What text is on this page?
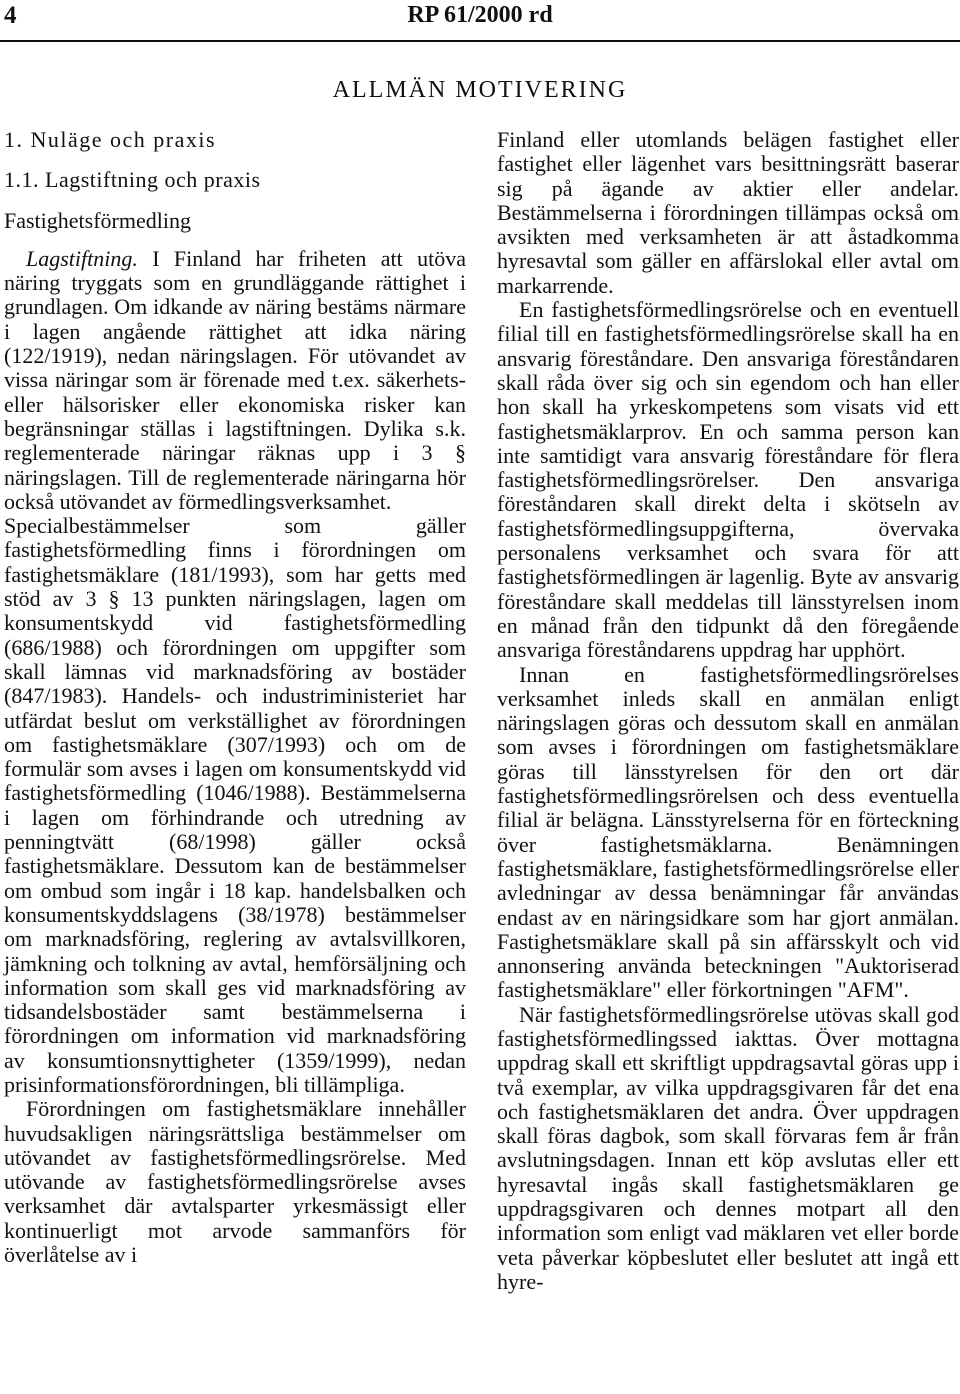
4	RP 61/2000 rd
ALLMÄN MOTIVERING
1. Nuläge och praxis
1.1. Lagstiftning och praxis
Fastighetsförmedling

Lagstiftning. I Finland har friheten att utöva näring tryggats som en grundläggande rättighet i grundlagen. Om idkande av näring bestäms närmare i lagen angående rättighet att idka näring (122/1919), nedan näringslagen. För utövandet av vissa näringar som är förenade med t.ex. säkerhets- eller hälsorisker eller ekonomiska risker kan begränsningar ställas i lagstiftningen. Dylika s.k. reglementerade näringar räknas upp i 3 § näringslagen. Till de reglementerade näringarna hör också utövandet av förmedlingsverksamhet.

Specialbestämmelser som gäller fastighetsförmedling finns i förordningen om fastighetsmäklare (181/1993), som har getts med stöd av 3 § 13 punkten näringslagen, lagen om konsumentskydd vid fastighetsförmedling (686/1988) och förordningen om uppgifter som skall lämnas vid marknadsföring av bostäder (847/1983). Handels- och industriministeriet har utfärdat beslut om verkställighet av förordningen om fastighetsmäklare (307/1993) och om de formulär som avses i lagen om konsumentskydd vid fastighetsförmedling (1046/1988). Bestämmelserna i lagen om förhindrande och utredning av penningtvätt (68/1998) gäller också fastighetsmäklare. Dessutom kan de bestämmelser om ombud som ingår i 18 kap. handelsbalken och konsumentskyddslagens (38/1978) bestämmelser om marknadsföring, reglering av avtalsvillkoren, jämkning och tolkning av avtal, hemförsäljning och information som skall ges vid marknadsföring av tidsandelsbostäder samt bestämmelserna i förordningen om information vid marknadsföring av konsumtionsnyttigheter (1359/1999), nedan prisinformationsförordningen, bli tillämpliga.

Förordningen om fastighetsmäklare innehåller huvudsakligen näringsrättsliga bestämmelser om utövandet av fastighetsförmedlingsrörelse. Med utövande av fastighetsförmedlingsrörelse avses verksamhet där avtalsparter yrkesmässigt eller kontinuerligt mot arvode sammanförs för överlåtelse av i

Finland eller utomlands belägen fastighet eller fastighet eller lägenhet vars besittningsrätt baserar sig på ägande av aktier eller andelar. Bestämmelserna i förordningen tillämpas också om avsikten med verksamheten är att åstadkomma hyresavtal som gäller en affärslokal eller avtal om markarrende.

En fastighetsförmedlingsrörelse och en eventuell filial till en fastighetsförmedlingsrörelse skall ha en ansvarig föreståndare. Den ansvariga föreståndaren skall råda över sig och sin egendom och han eller hon skall ha yrkeskompetens som visats vid ett fastighetsmäklarprov. En och samma person kan inte samtidigt vara ansvarig föreståndare för flera fastighetsförmedlingsrörelser. Den ansvariga föreståndaren skall direkt delta i skötseln av fastighetsförmedlingsuppgifterna, övervaka personalens verksamhet och svara för att fastighetsförmedlingen är lagenlig. Byte av ansvarig föreståndare skall meddelas till länsstyrelsen inom en månad från den tidpunkt då den föregående ansvariga föreståndarens uppdrag har upphört.

Innan en fastighetsförmedlingsrörelses verksamhet inleds skall en anmälan enligt näringslagen göras och dessutom skall en anmälan som avses i förordningen om fastighetsmäklare göras till länsstyrelsen för den ort där fastighetsförmedlingsrörelsen och dess eventuella filial är belägna. Länsstyrelserna för en förteckning över fastighetsmäklarna. Benämningen fastighetsmäklare, fastighetsförmedlingsrörelse eller avledningar av dessa benämningar får användas endast av en näringsidkare som har gjort anmälan. Fastighetsmäklare skall på sin affärsskylt och vid annonsering använda beteckningen "Auktoriserad fastighetsmäklare" eller förkortningen "AFM".

När fastighetsförmedlingsrörelse utövas skall god fastighetsförmedlingssed iakttas. Över mottagna uppdrag skall ett skriftligt uppdragsavtal göras upp i två exemplar, av vilka uppdragsgivaren får det ena och fastighetsmäklaren det andra. Över uppdragen skall föras dagbok, som skall förvaras fem år från avslutningsdagen. Innan ett köp avslutas eller ett hyresavtal ingås skall fastighetsmäklaren ge uppdragsgivaren och dennes motpart all den information som enligt vad mäklaren vet eller borde veta påverkar köpbeslutet eller beslutet att ingå ett hyre-
